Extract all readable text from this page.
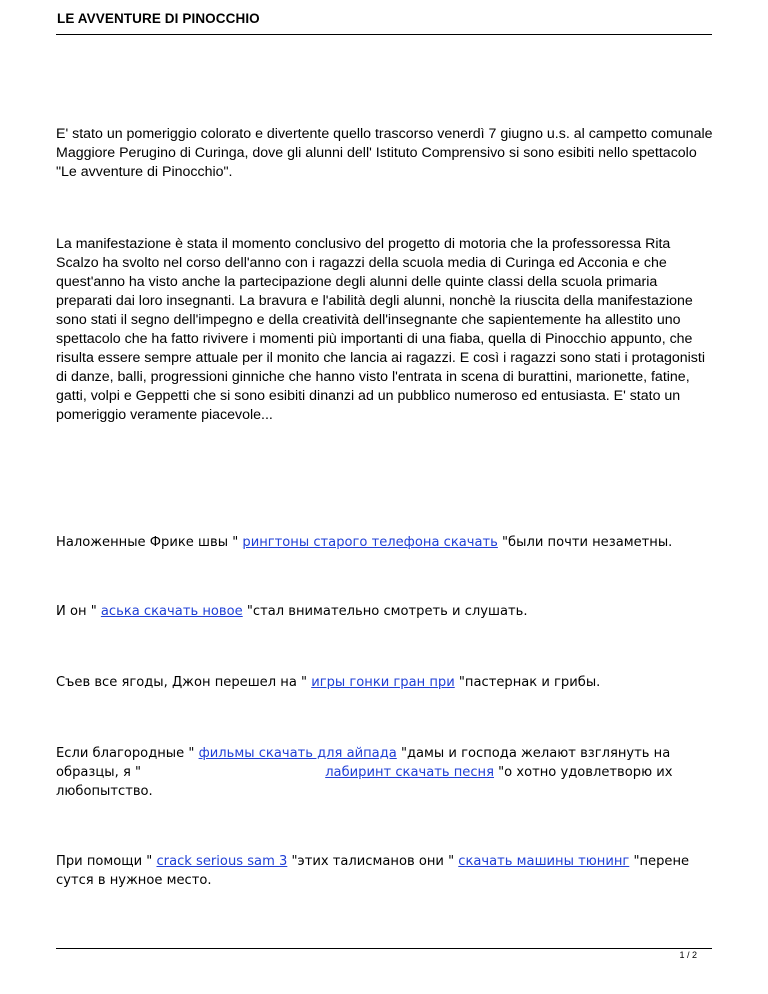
LE AVVENTURE DI PINOCCHIO

E' stato un pomeriggio colorato e divertente quello trascorso venerdì 7 giugno u.s. al campetto comunale Maggiore Perugino di Curinga, dove gli alunni dell' Istituto Comprensivo si sono esibiti nello spettacolo "Le avventure di Pinocchio".

La manifestazione è stata il momento conclusivo del progetto di motoria che la professoressa Rita Scalzo ha svolto nel corso dell'anno con i ragazzi della scuola media di Curinga ed Acconia e che quest'anno ha visto anche la partecipazione degli alunni delle quinte classi della scuola primaria preparati dai loro insegnanti. La bravura e l'abilità degli alunni, nonchè la riuscita della manifestazione sono stati il segno dell'impegno e della creatività dell'insegnante che sapientemente ha allestito uno spettacolo che ha fatto rivivere i momenti più importanti di una fiaba, quella di Pinocchio appunto, che risulta essere sempre attuale per il monito che lancia ai ragazzi. E così i ragazzi sono stati i protagonisti di danze, balli, progressioni ginniche che hanno visto l'entrata in scena di burattini, marionette, fatine, gatti, volpi e Geppetti che si sono esibiti dinanzi ad un pubblico numeroso ed entusiasta. E' stato un pomeriggio veramente piacevole...

Наложенные Фрике швы " рингтоны старого телефона скачать "были почти незаметны.

И он " аська скачать новое "стал внимательно смотреть и слушать.

Съев все ягоды, Джон перешел на " игры гонки гран при "пастернак и грибы.

Если благородные " фильмы скачать для айпада "дамы и господа желают взглянуть на образцы, я "	лабиринт скачать песня "о хотно удовлетворю их любопытство.

При помощи " crack serious sam 3 "этих талисманов они " скачать машины тюнинг "перене сутся в нужное место.

1 / 2
